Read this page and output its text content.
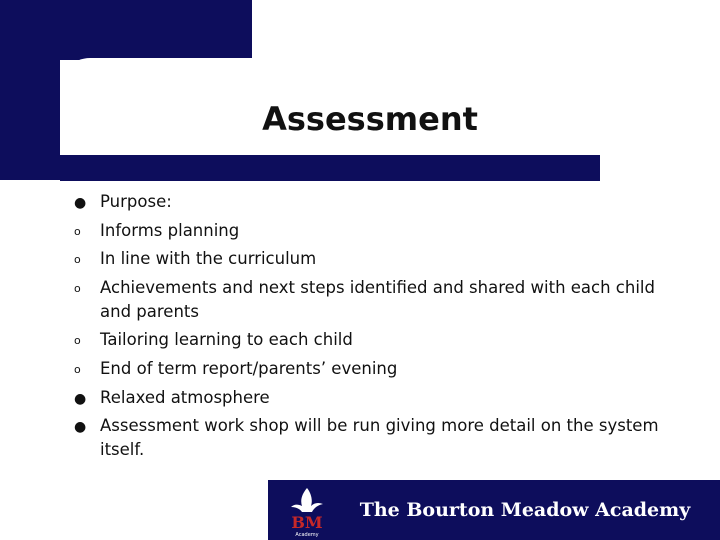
Assessment
● Purpose:
o	Informs planning
o	In line with the curriculum
o	Achievements and next steps identified and shared with each child and parents
o	Tailoring learning to each child
o	End of term report/parents’ evening
● Relaxed atmosphere
● Assessment work shop will be run giving more detail on the system itself.
BM
Academy
The Bourton Meadow Academy
